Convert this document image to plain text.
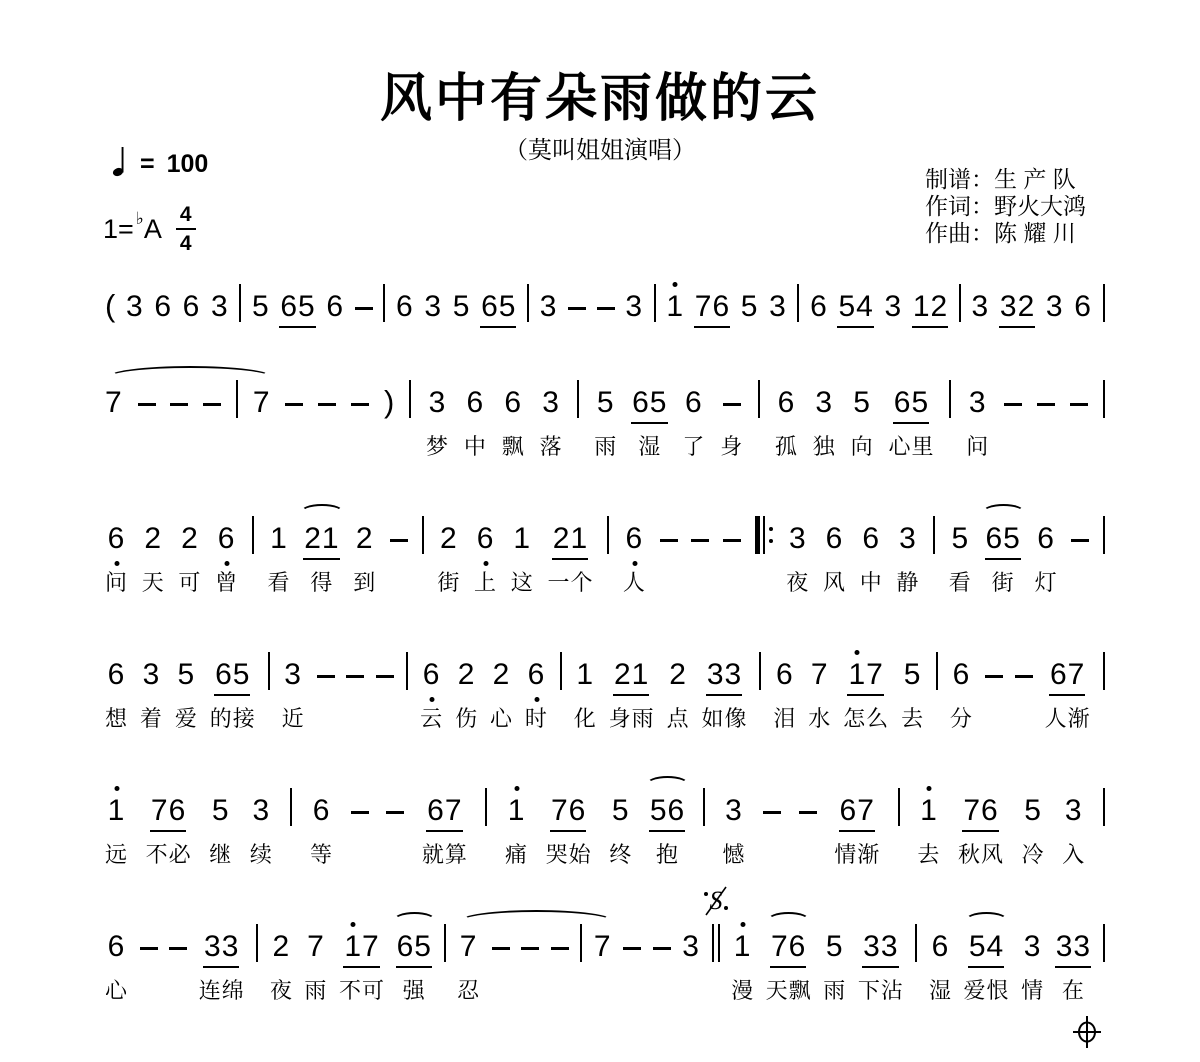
风中有朵雨做的云
（莫叫姐姐演唱）
= 100
1= ♭ A $\frac{4}{4}$
制谱：生 产 队
作词：野火大鸿
作曲：陈 耀 川
( 3 6 6 3 5 65 6 6 3 5 65 3 3 1 76 5 3 6 54 3 12 3 32 3 6
7	7	) 3
梦
6
中
6
飘
3
落
5
雨
65
湿
6
了 身
6
孤
3
独
5
向
65
心里
3
问
6
问
2
天
2
可
6
曾
1
看
21
得
2
到
2
街
6
上
1
这
21
一个
6
人
3
夜
6
风
6
中
3
静
5
看
65
街
6
灯
6
想
3
着
5
爱
65
的接
3
近
6
云
2
伤
2
心
6
时
1
化
21
身雨
2
点
33
如像
6
泪
7
水
17
怎么
5
去
6
分
67
人渐
1
远
76
不必
5
继
3
续
6
等
67
就算
1
痛
76
哭始
5
终
56
抱
3
憾
67
情渐
1
去
76
秋风
5
冷
3
入
6
心
33
连绵
2
夜
7
雨
17
不可
65
强
7
忍
7 3
S
1
漫
76
天飘
5
雨
33
下沾
6
湿
54
爱恨
3
情
33
在
